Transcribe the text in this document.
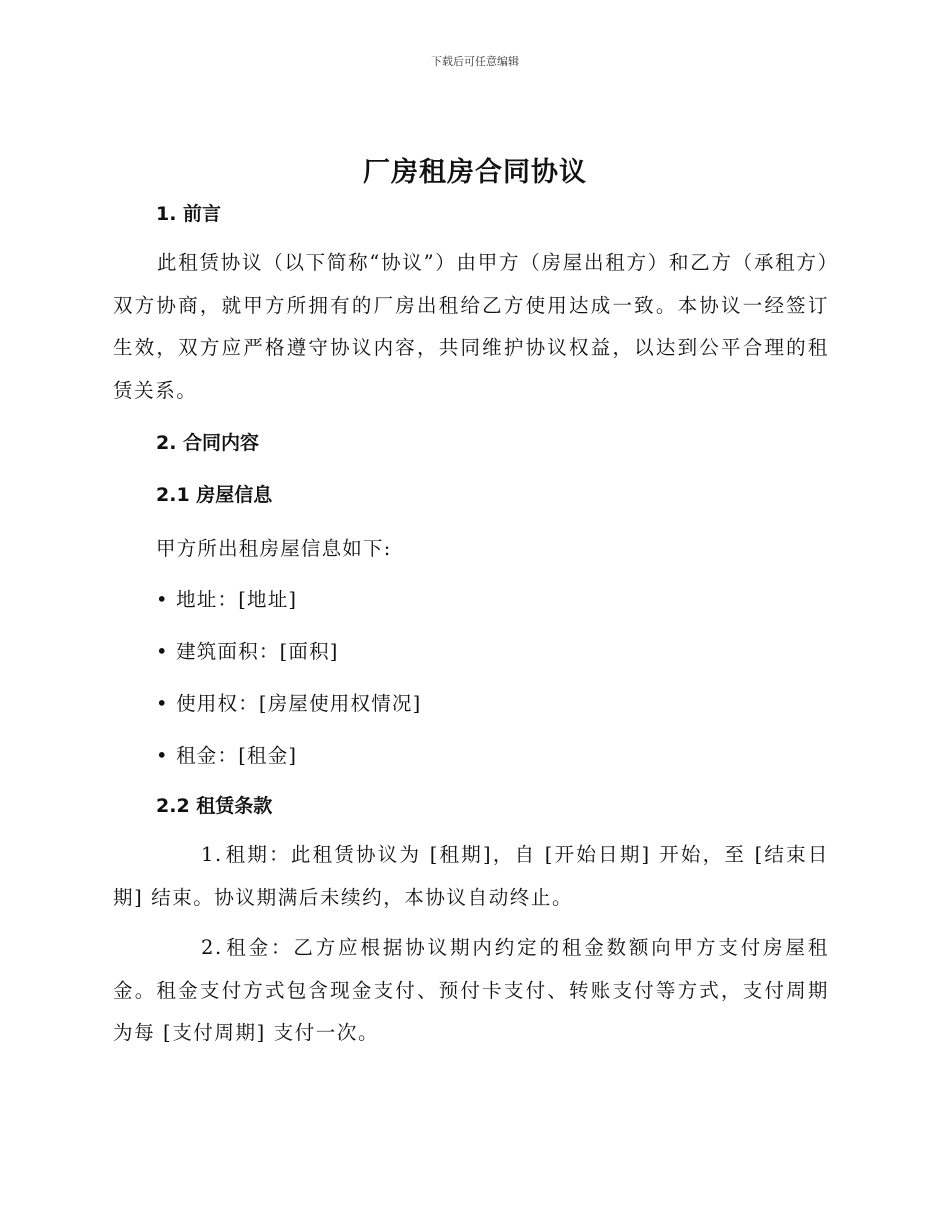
下载后可任意编辑
厂房租房合同协议
1. 前言
此租赁协议（以下简称“协议”）由甲方（房屋出租方）和乙方（承租方）双方协商，就甲方所拥有的厂房出租给乙方使用达成一致。本协议一经签订生效，双方应严格遵守协议内容，共同维护协议权益，以达到公平合理的租赁关系。
2. 合同内容
2.1 房屋信息
甲方所出租房屋信息如下:
• 地址：[地址]
• 建筑面积：[面积]
• 使用权：[房屋使用权情况]
• 租金：[租金]
2.2 租赁条款
1. 租期：此租赁协议为 [租期]，自 [开始日期] 开始，至 [结束日期] 结束。协议期满后未续约，本协议自动终止。
2. 租金：乙方应根据协议期内约定的租金数额向甲方支付房屋租金。租金支付方式包含现金支付、预付卡支付、转账支付等方式，支付周期为每 [支付周期] 支付一次。
